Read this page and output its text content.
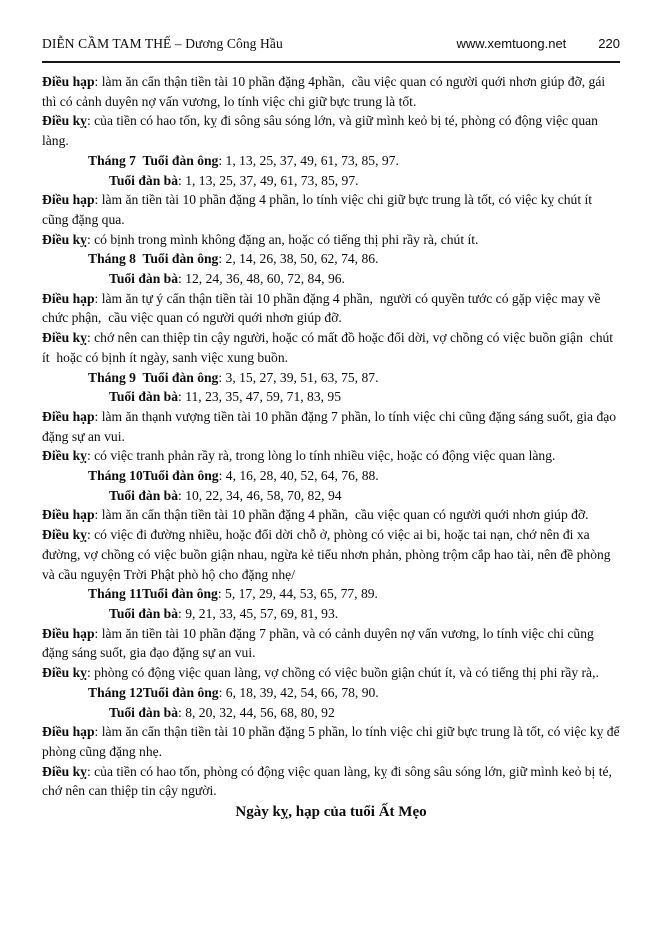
DIỄN CẦM TAM THẾ – Dương Công Hầu	www.xemtuong.net 220

Điều hạp: làm ăn cẩn thận tiền tài 10 phần đặng 4phần,  cầu việc quan có người quới nhơn giúp đỡ, gái thì có cảnh duyên nợ vấn vương, lo tính việc chi giữ bực trung là tốt.

Điều kỵ: của tiền có hao tốn, kỵ đi sông sâu sóng lớn, và giữ mình keỏ bị té, phòng có động việc quan làng.

Tháng 7  Tuổi đàn ông: 1, 13, 25, 37, 49, 61, 73, 85, 97.

Tuổi đàn bà: 1, 13, 25, 37, 49, 61, 73, 85, 97.

Điều hạp: làm ăn tiền tài 10 phần đặng 4 phần, lo tính việc chi giữ bực trung là tốt, có việc kỵ chút ít cũng đặng qua.

Điều kỵ: có bịnh trong mình không đặng an, hoặc có tiếng thị phi rầy rà, chút ít.

Tháng 8  Tuổi đàn ông: 2, 14, 26, 38, 50, 62, 74, 86.

Tuổi đàn bà: 12, 24, 36, 48, 60, 72, 84, 96.

Điều hạp: làm ăn tự ý cẩn thận tiền tài 10 phần đặng 4 phần,  người có quyền tước có gặp việc may về chức phận,  cầu việc quan có người quới nhơn giúp đỡ.

Điều kỵ: chớ nên can thiệp tin cậy người, hoặc có mất đồ hoặc đổi dời, vợ chồng có việc buồn giận  chút ít  hoặc có bịnh ít ngày, sanh việc xung buồn.

Tháng 9  Tuổi đàn ông: 3, 15, 27, 39, 51, 63, 75, 87.

Tuổi đàn bà: 11, 23, 35, 47, 59, 71, 83, 95

Điều hạp: làm ăn thạnh vượng tiền tài 10 phần đặng 7 phần, lo tính việc chi cũng đặng sáng suốt, gia đạo đặng sự an vui.

Điều kỵ: có việc tranh phản rầy rà, trong lòng lo tính nhiều việc, hoặc có động việc quan làng.

Tháng 10Tuổi đàn ông: 4, 16, 28, 40, 52, 64, 76, 88.

Tuổi đàn bà: 10, 22, 34, 46, 58, 70, 82, 94

Điều hạp: làm ăn cẩn thận tiền tài 10 phần đặng 4 phần,  cầu việc quan có người quới nhơn giúp đỡ.

Điều kỵ: có việc đi đường nhiều, hoặc đổi dời chỗ ở, phòng có việc ai bi, hoặc tai nạn, chớ nên đi xa đường, vợ chồng có việc buồn giận nhau, ngừa kẻ tiểu nhơn phản, phòng trộm cắp hao tài, nên đề phòng và cầu nguyện Trời Phật phò hộ cho đặng nhẹ/

Tháng 11Tuổi đàn ông: 5, 17, 29, 44, 53, 65, 77, 89.

Tuổi đàn bà: 9, 21, 33, 45, 57, 69, 81, 93.

Điều hạp: làm ăn tiền tài 10 phần đặng 7 phần, và có cảnh duyên nợ vấn vương, lo tính việc chi cũng đặng sáng suốt, gia đạo đặng sự an vui.

Điều kỵ: phòng có động việc quan làng, vợ chồng có việc buồn giận chút ít, và có tiếng thị phi rầy rà,.

Tháng 12Tuổi đàn ông: 6, 18, 39, 42, 54, 66, 78, 90.

Tuổi đàn bà: 8, 20, 32, 44, 56, 68, 80, 92

Điều hạp: làm ăn cẩn thận tiền tài 10 phần đặng 5 phần, lo tính việc chi giữ bực trung là tốt, có việc kỵ để phòng cũng đặng nhẹ.

Điều kỵ: của tiền có hao tốn, phòng có động việc quan làng, kỵ đi sông sâu sóng lớn, giữ mình keỏ bị té, chớ nên can thiệp tin cậy người.

Ngày kỵ, hạp của tuổi Ất Mẹo
